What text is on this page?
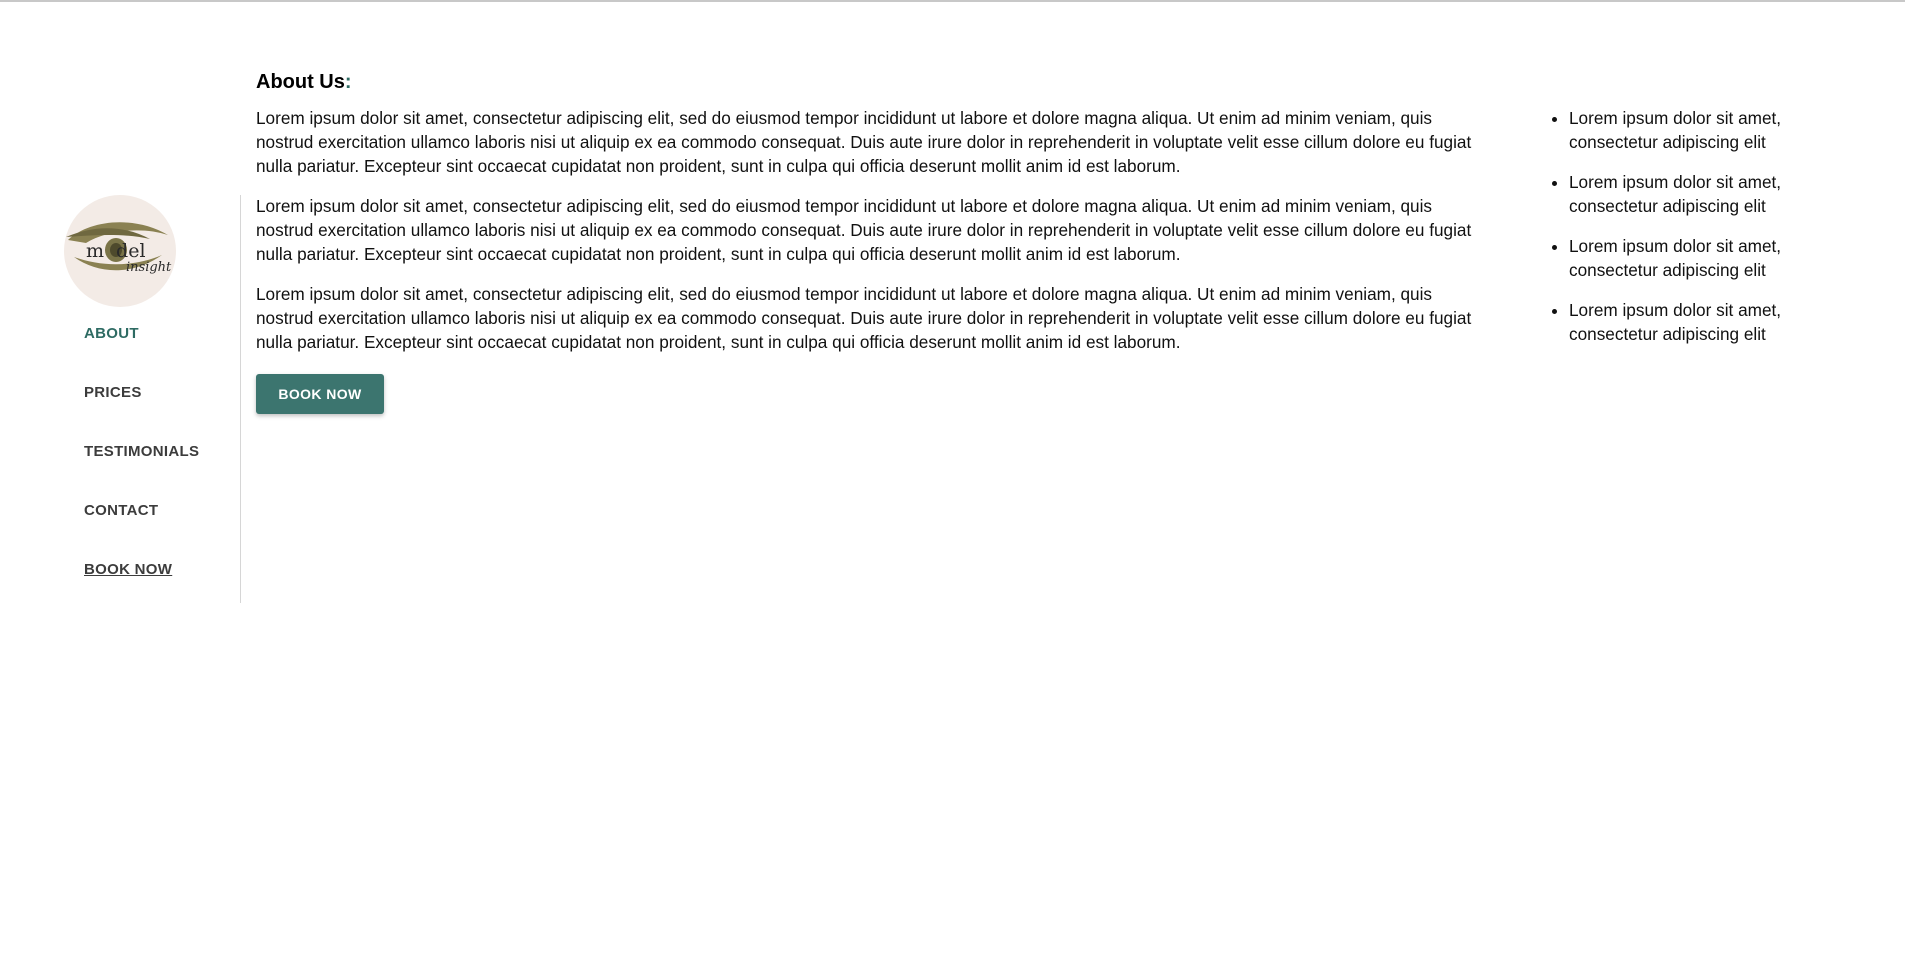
m del
insight
ABOUT
PRICES
TESTIMONIALS
CONTACT
BOOK NOW
About Us:

Lorem ipsum dolor sit amet, consectetur adipiscing elit, sed do eiusmod tempor incididunt ut labore et dolore magna aliqua. Ut enim ad minim veniam, quis nostrud exercitation ullamco laboris nisi ut aliquip ex ea commodo consequat. Duis aute irure dolor in reprehenderit in voluptate velit esse cillum dolore eu fugiat nulla pariatur. Excepteur sint occaecat cupidatat non proident, sunt in culpa qui officia deserunt mollit anim id est laborum.

Lorem ipsum dolor sit amet, consectetur adipiscing elit, sed do eiusmod tempor incididunt ut labore et dolore magna aliqua. Ut enim ad minim veniam, quis nostrud exercitation ullamco laboris nisi ut aliquip ex ea commodo consequat. Duis aute irure dolor in reprehenderit in voluptate velit esse cillum dolore eu fugiat nulla pariatur. Excepteur sint occaecat cupidatat non proident, sunt in culpa qui officia deserunt mollit anim id est laborum.

Lorem ipsum dolor sit amet, consectetur adipiscing elit, sed do eiusmod tempor incididunt ut labore et dolore magna aliqua. Ut enim ad minim veniam, quis nostrud exercitation ullamco laboris nisi ut aliquip ex ea commodo consequat. Duis aute irure dolor in reprehenderit in voluptate velit esse cillum dolore eu fugiat nulla pariatur. Excepteur sint occaecat cupidatat non proident, sunt in culpa qui officia deserunt mollit anim id est laborum.

BOOK NOW
• Lorem ipsum dolor sit amet, consectetur adipiscing elit
• Lorem ipsum dolor sit amet, consectetur adipiscing elit
• Lorem ipsum dolor sit amet, consectetur adipiscing elit
• Lorem ipsum dolor sit amet, consectetur adipiscing elit
